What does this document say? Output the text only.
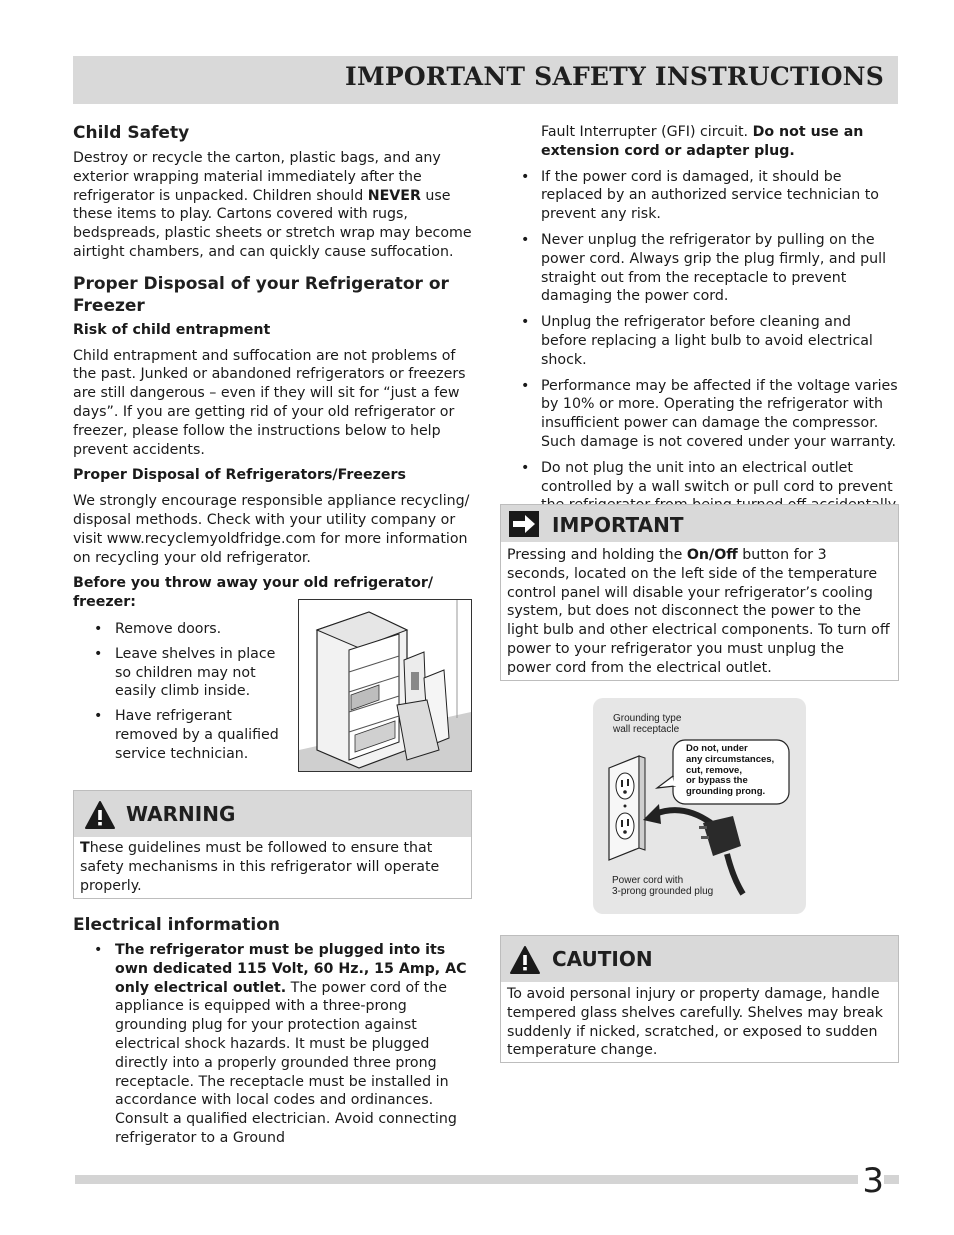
IMPORTANT SAFETY INSTRUCTIONS
Child Safety

Destroy or recycle the carton, plastic bags, and any exterior wrapping material immediately after the refrigerator is unpacked. Children should NEVER use these items to play. Cartons covered with rugs, bedspreads, plastic sheets or stretch wrap may become airtight chambers, and can quickly cause suffocation.

Proper Disposal of your Refrigerator or Freezer
Risk of child entrapment

Child entrapment and suffocation are not problems of the past. Junked or abandoned refrigerators or freezers are still dangerous – even if they will sit for “just a few days”. If you are getting rid of your old refrigerator or freezer, please follow the instructions below to help prevent accidents.

Proper Disposal of Refrigerators/Freezers

We strongly encourage responsible appliance recycling/ disposal methods. Check with your utility company or visit www.recyclemyoldfridge.com for more information on recycling your old refrigerator.

Before you throw away your old refrigerator/ freezer:
• Remove doors.
• Leave shelves in place so children may not easily climb inside.
• Have refrigerant removed by a qualified service technician.
WARNING
These guidelines must be followed to ensure that safety mechanisms in this refrigerator will operate properly.
Electrical information
• The refrigerator must be plugged into its own dedicated 115 Volt, 60 Hz., 15 Amp, AC only electrical outlet. The power cord of the appliance is equipped with a three-prong grounding plug for your protection against electrical shock hazards. It must be plugged directly into a properly grounded three prong receptacle. The receptacle must be installed in accordance with local codes and ordinances. Consult a qualified electrician. Avoid connecting refrigerator to a Ground

Fault Interrupter (GFI) circuit. Do not use an extension cord or adapter plug.

• If the power cord is damaged, it should be replaced by an authorized service technician to prevent any risk.
• Never unplug the refrigerator by pulling on the power cord. Always grip the plug firmly, and pull straight out from the receptacle to prevent damaging the power cord.
• Unplug the refrigerator before cleaning and before replacing a light bulb to avoid electrical shock.
• Performance may be affected if the voltage varies by 10% or more. Operating the refrigerator with insufficient power can damage the compressor. Such damage is not covered under your warranty.
• Do not plug the unit into an electrical outlet controlled by a wall switch or pull cord to prevent
IMPORTANT
Pressing and holding the On/Off button for 3 seconds, located on the left side of the temperature control panel will disable your refrigerator’s cooling system, but does not disconnect the power to the light bulb and other electrical components. To turn off power to your refrigerator you must unplug the power cord from the electrical outlet.
Grounding type
wall receptacle
Do not, under
any circumstances,
cut, remove,
or bypass the
grounding prong.
Power cord with
3-prong grounded plug
CAUTION
To avoid personal injury or property damage, handle tempered glass shelves carefully. Shelves may break suddenly if nicked, scratched, or exposed to sudden temperature change.
3
